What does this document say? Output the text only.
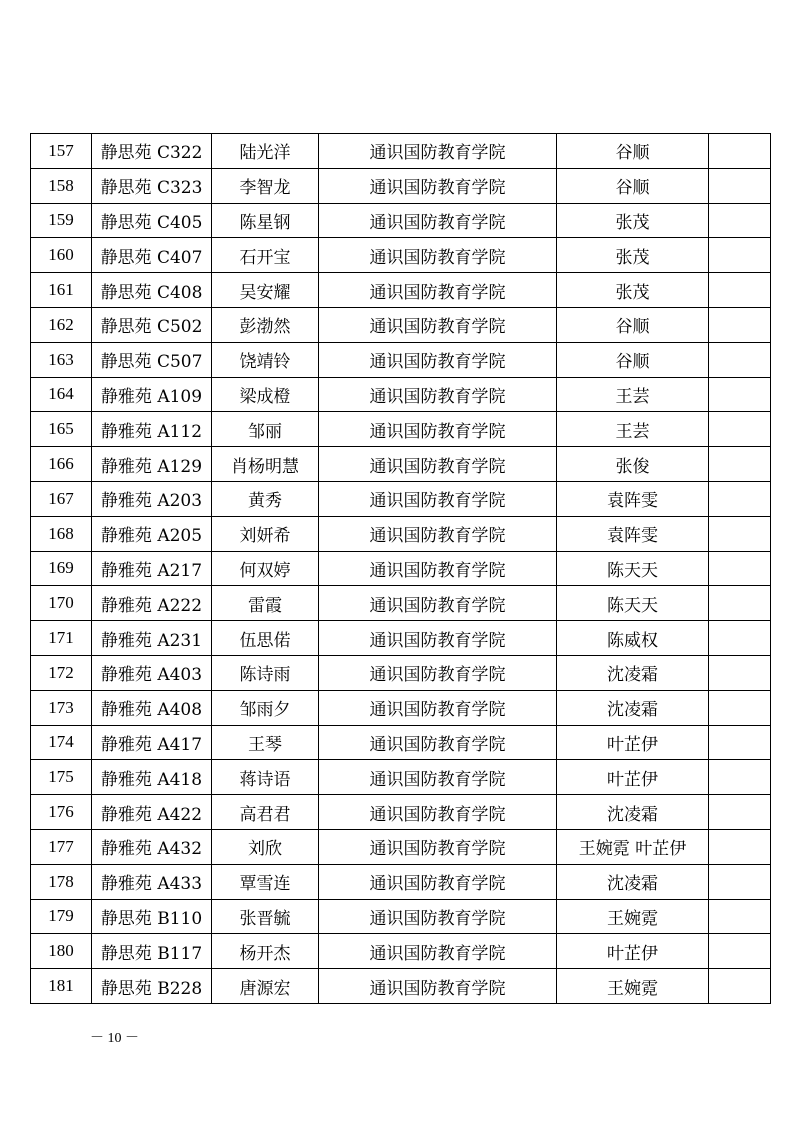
157	静思苑 C322	陆光洋	通识国防教育学院	谷顺	
158	静思苑 C323	李智龙	通识国防教育学院	谷顺	
159	静思苑 C405	陈星钢	通识国防教育学院	张茂	
160	静思苑 C407	石开宝	通识国防教育学院	张茂	
161	静思苑 C408	吴安耀	通识国防教育学院	张茂	
162	静思苑 C502	彭渤然	通识国防教育学院	谷顺	
163	静思苑 C507	饶靖铃	通识国防教育学院	谷顺	
164	静雅苑 A109	梁成橙	通识国防教育学院	王芸	
165	静雅苑 A112	邹丽	通识国防教育学院	王芸	
166	静雅苑 A129	肖杨明慧	通识国防教育学院	张俊	
167	静雅苑 A203	黄秀	通识国防教育学院	袁阵雯	
168	静雅苑 A205	刘妍希	通识国防教育学院	袁阵雯	
169	静雅苑 A217	何双婷	通识国防教育学院	陈天天	
170	静雅苑 A222	雷霞	通识国防教育学院	陈天天	
171	静雅苑 A231	伍思偌	通识国防教育学院	陈威权	
172	静雅苑 A403	陈诗雨	通识国防教育学院	沈凌霜	
173	静雅苑 A408	邹雨夕	通识国防教育学院	沈凌霜	
174	静雅苑 A417	王琴	通识国防教育学院	叶芷伊	
175	静雅苑 A418	蒋诗语	通识国防教育学院	叶芷伊	
176	静雅苑 A422	高君君	通识国防教育学院	沈凌霜	
177	静雅苑 A432	刘欣	通识国防教育学院	王婉霓 叶芷伊	
178	静雅苑 A433	覃雪连	通识国防教育学院	沈凌霜	
179	静思苑 B110	张晋毓	通识国防教育学院	王婉霓	
180	静思苑 B117	杨开杰	通识国防教育学院	叶芷伊	
181	静思苑 B228	唐源宏	通识国防教育学院	王婉霓	
－ 10 －
